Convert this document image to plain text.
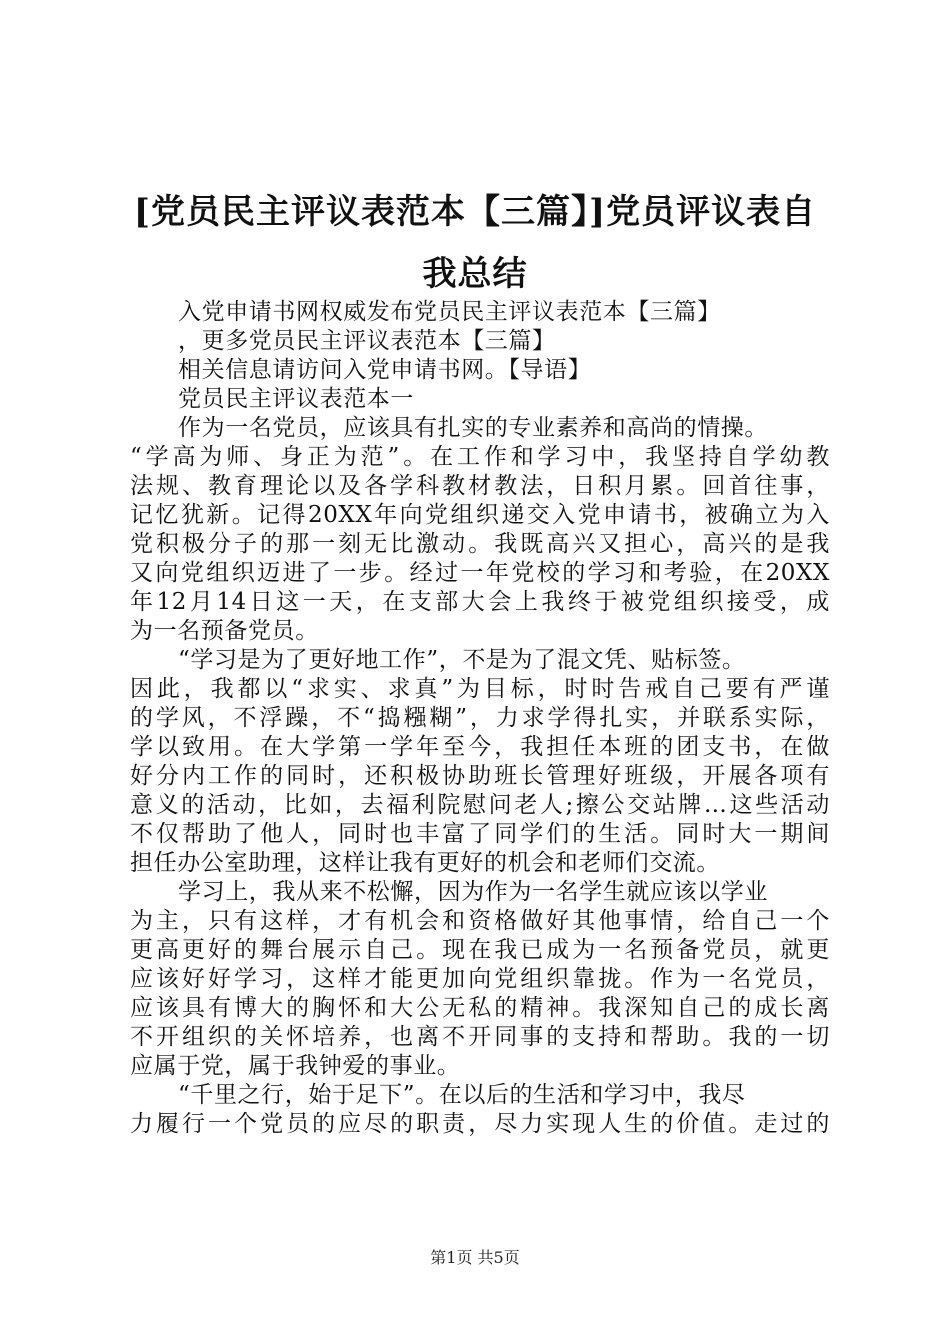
[党员民主评议表范本【三篇】]党员评议表自
我总结
入党申请书网权威发布党员民主评议表范本【三篇】
，更多党员民主评议表范本【三篇】
相关信息请访问入党申请书网。【导语】
党员民主评议表范本一
作为一名党员，应该具有扎实的专业素养和高尚的情操。
“学高为师、身正为范”。在工作和学习中，我坚持自学幼教
法规、教育理论以及各学科教材教法，日积月累。回首往事，
记忆犹新。记得20XX年向党组织递交入党申请书，被确立为入
党积极分子的那一刻无比激动。我既高兴又担心，高兴的是我
又向党组织迈进了一步。经过一年党校的学习和考验，在20XX
年12月14日这一天，在支部大会上我终于被党组织接受，成
为一名预备党员。
“学习是为了更好地工作”，不是为了混文凭、贴标签。
因此，我都以“求实、求真”为目标，时时告戒自己要有严谨
的学风，不浮躁，不“捣糨糊”，力求学得扎实，并联系实际，
学以致用。在大学第一学年至今，我担任本班的团支书，在做
好分内工作的同时，还积极协助班长管理好班级，开展各项有
意义的活动，比如，去福利院慰问老人;擦公交站牌…这些活动
不仅帮助了他人，同时也丰富了同学们的生活。同时大一期间
担任办公室助理，这样让我有更好的机会和老师们交流。
学习上，我从来不松懈，因为作为一名学生就应该以学业
为主，只有这样，才有机会和资格做好其他事情，给自己一个
更高更好的舞台展示自己。现在我已成为一名预备党员，就更
应该好好学习，这样才能更加向党组织靠拢。作为一名党员，
应该具有博大的胸怀和大公无私的精神。我深知自己的成长离
不开组织的关怀培养，也离不开同事的支持和帮助。我的一切
应属于党，属于我钟爱的事业。
“千里之行，始于足下”。在以后的生活和学习中，我尽
力履行一个党员的应尽的职责，尽力实现人生的价值。走过的
第1页 共5页
